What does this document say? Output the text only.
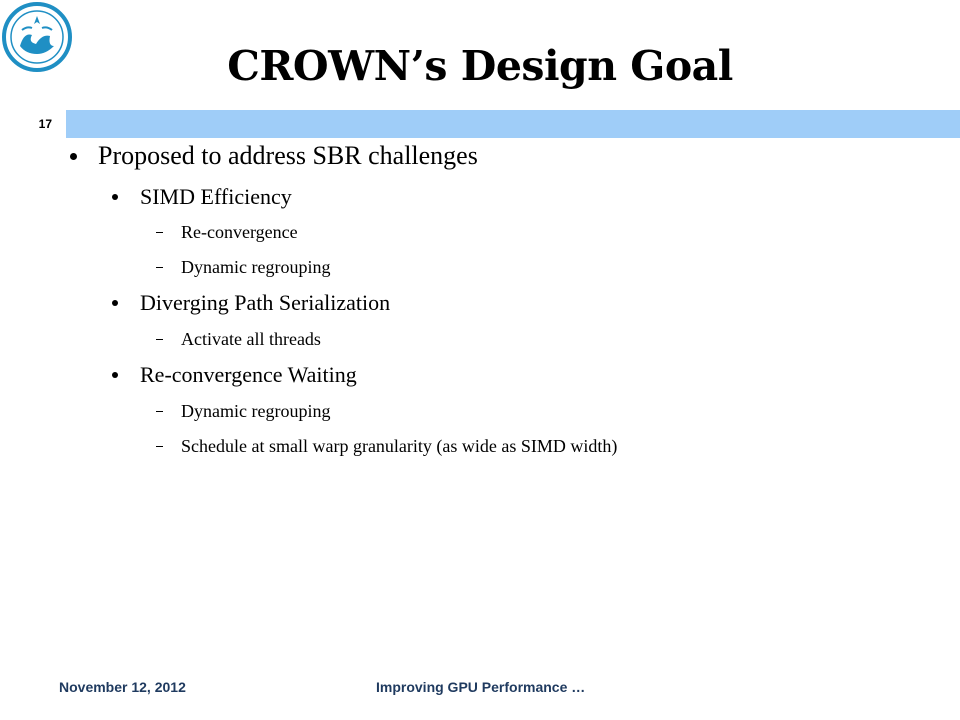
CROWN’s Design Goal
17
Proposed to address SBR challenges
SIMD Efficiency
Re-convergence
Dynamic regrouping
Diverging Path Serialization
Activate all threads
Re-convergence Waiting
Dynamic regrouping
Schedule at small warp granularity (as wide as SIMD width)
November 12, 2012	Improving GPU Performance …
